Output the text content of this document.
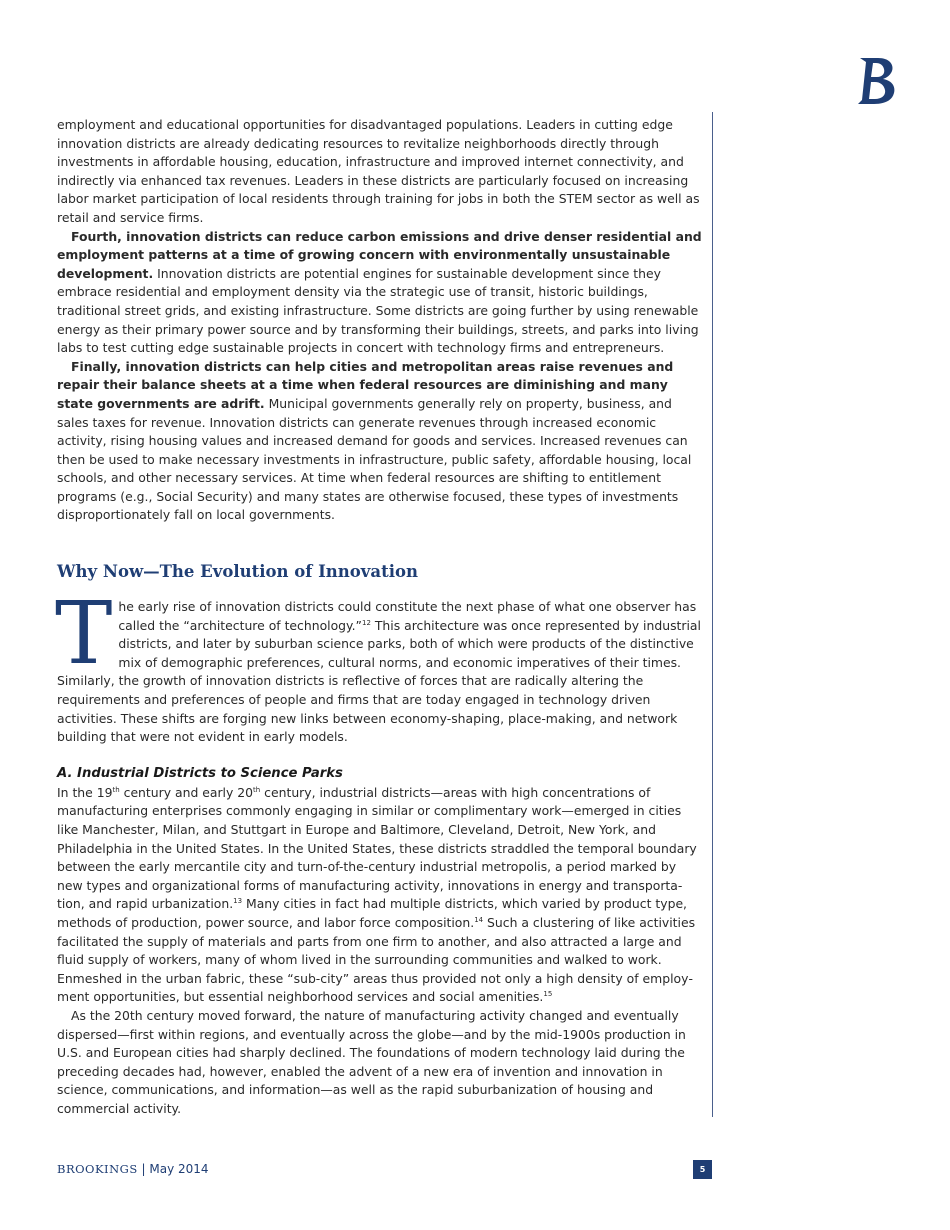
employment and educational opportunities for disadvantaged populations. Leaders in cutting edge innovation districts are already dedicating resources to revitalize neighborhoods directly through investments in affordable housing, education, infrastructure and improved internet connectivity, and indirectly via enhanced tax revenues. Leaders in these districts are particularly focused on increasing labor market participation of local residents through training for jobs in both the STEM sector as well as retail and service firms.

Fourth, innovation districts can reduce carbon emissions and drive denser residential and employment patterns at a time of growing concern with environmentally unsustainable development. Innovation districts are potential engines for sustainable development since they embrace residential and employment density via the strategic use of transit, historic buildings, traditional street grids, and existing infrastructure. Some districts are going further by using renewable energy as their primary power source and by transforming their buildings, streets, and parks into living labs to test cutting edge sustainable projects in concert with technology firms and entrepreneurs.

Finally, innovation districts can help cities and metropolitan areas raise revenues and repair their balance sheets at a time when federal resources are diminishing and many state governments are adrift. Municipal governments generally rely on property, business, and sales taxes for revenue. Innovation districts can generate revenues through increased economic activity, rising housing values and increased demand for goods and services. Increased revenues can then be used to make necessary investments in infrastructure, public safety, affordable housing, local schools, and other necessary services. At time when federal resources are shifting to entitlement programs (e.g., Social Security) and many states are otherwise focused, these types of investments disproportionately fall on local governments.

Why Now—The Evolution of Innovation

The early rise of innovation districts could constitute the next phase of what one observer has called the “architecture of technology.”$^{12}$ This architecture was once represented by industrial districts, and later by suburban science parks, both of which were products of the distinctive mix of demographic preferences, cultural norms, and economic imperatives of their times. Similarly, the growth of innovation districts is reflective of forces that are radically altering the requirements and preferences of people and firms that are today engaged in technology driven activities. These shifts are forging new links between economy-shaping, place-making, and network building that were not evident in early models.

A. Industrial Districts to Science Parks

In the 19th century and early 20th century, industrial districts—areas with high concentrations of manufacturing enterprises commonly engaging in similar or complimentary work—emerged in cities like Manchester, Milan, and Stuttgart in Europe and Baltimore, Cleveland, Detroit, New York, and Philadelphia in the United States. In the United States, these districts straddled the temporal boundary between the early mercantile city and turn-of-the-century industrial metropolis, a period marked by new types and organizational forms of manufacturing activity, innovations in energy and transportation, and rapid urbanization.$^{13}$ Many cities in fact had multiple districts, which varied by product type, methods of production, power source, and labor force composition.$^{14}$ Such a clustering of like activities facilitated the supply of materials and parts from one firm to another, and also attracted a large and fluid supply of workers, many of whom lived in the surrounding communities and walked to work. Enmeshed in the urban fabric, these “sub-city” areas thus provided not only a high density of employment opportunities, but essential neighborhood services and social amenities.$^{15}$

As the 20th century moved forward, the nature of manufacturing activity changed and eventually dispersed—first within regions, and eventually across the globe—and by the mid-1900s production in U.S. and European cities had sharply declined. The foundations of modern technology laid during the preceding decades had, however, enabled the advent of a new era of invention and innovation in science, communications, and information—as well as the rapid suburbanization of housing and commercial activity.

BROOKINGS | May 2014	5
